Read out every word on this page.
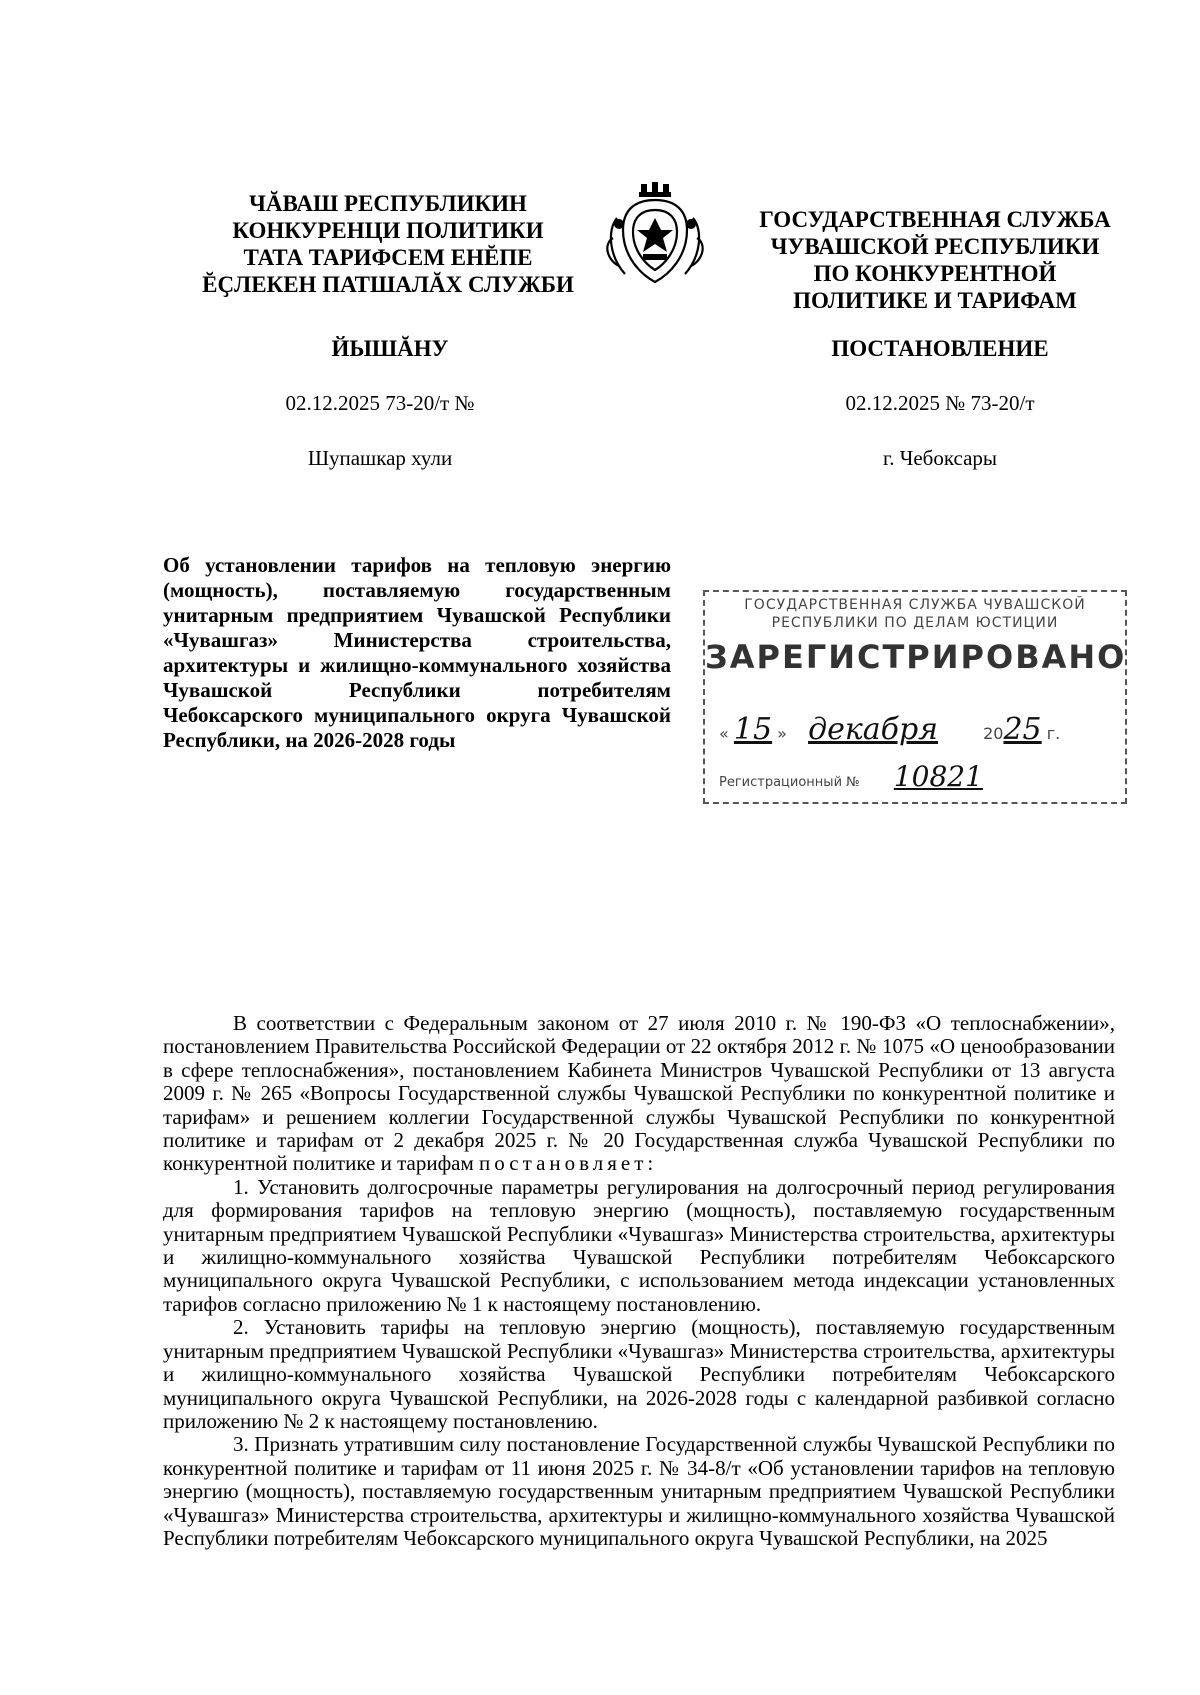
ЧĂВАШ РЕСПУБЛИКИН
КОНКУРЕНЦИ ПОЛИТИКИ
ТАТА ТАРИФСЕМ ЕНĔПЕ
ĔҪЛЕКЕН ПАТШАЛĂХ СЛУЖБИ
ГОСУДАРСТВЕННАЯ СЛУЖБА
ЧУВАШСКОЙ РЕСПУБЛИКИ
ПО КОНКУРЕНТНОЙ
ПОЛИТИКЕ И ТАРИФАМ
ЙЫШĂНУ	ПОСТАНОВЛЕНИЕ
02.12.2025 73-20/т №	02.12.2025 № 73-20/т
Шупашкар хули	г. Чебоксары
Об установлении тарифов на тепловую энергию (мощность), поставляемую государственным унитарным предприятием Чувашской Республики «Чувашгаз» Министерства строительства, архитектуры и жилищно-коммунального хозяйства Чувашской Республики потребителям Чебоксарского муниципального округа Чувашской Республики, на 2026-2028 годы
ГОСУДАРСТВЕННАЯ СЛУЖБА ЧУВАШСКОЙ
РЕСПУБЛИКИ ПО ДЕЛАМ ЮСТИЦИИ
ЗАРЕГИСТРИРОВАНО
« 15 » декабря	2025 г.
Регистрационный № 10821

В соответствии с Федеральным законом от 27 июля 2010 г. № 190-ФЗ «О теплоснабжении», постановлением Правительства Российской Федерации от 22 октября 2012 г. № 1075 «О ценообразовании в сфере теплоснабжения», постановлением Кабинета Министров Чувашской Республики от 13 августа 2009 г. № 265 «Вопросы Государственной службы Чувашской Республики по конкурентной политике и тарифам» и решением коллегии Государственной службы Чувашской Республики по конкурентной политике и тарифам от 2 декабря 2025 г. № 20 Государственная служба Чувашской Республики по конкурентной политике и тарифам постановляет:

1. Установить долгосрочные параметры регулирования на долгосрочный период регулирования для формирования тарифов на тепловую энергию (мощность), поставляемую государственным унитарным предприятием Чувашской Республики «Чувашгаз» Министерства строительства, архитектуры и жилищно-коммунального хозяйства Чувашской Республики потребителям Чебоксарского муниципального округа Чувашской Республики, с использованием метода индексации установленных тарифов согласно приложению № 1 к настоящему постановлению.

2. Установить тарифы на тепловую энергию (мощность), поставляемую государственным унитарным предприятием Чувашской Республики «Чувашгаз» Министерства строительства, архитектуры и жилищно-коммунального хозяйства Чувашской Республики потребителям Чебоксарского муниципального округа Чувашской Республики, на 2026-2028 годы с календарной разбивкой согласно приложению № 2 к настоящему постановлению.

3. Признать утратившим силу постановление Государственной службы Чувашской Республики по конкурентной политике и тарифам от 11 июня 2025 г. № 34-8/т «Об установлении тарифов на тепловую энергию (мощность), поставляемую государственным унитарным предприятием Чувашской Республики «Чувашгаз» Министерства строительства, архитектуры и жилищно-коммунального хозяйства Чувашской Республики потребителям Чебоксарского муниципального округа Чувашской Республики, на 2025
